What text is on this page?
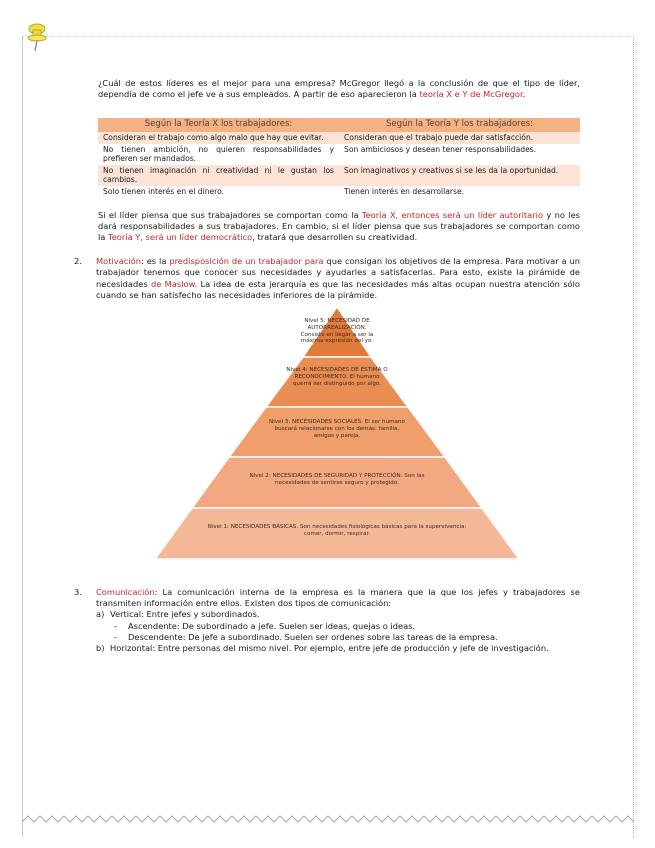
¿Cuál de estos líderes es el mejor para una empresa? McGregor llegó a la conclusión de que el tipo de líder, dependía de como el jefe ve a sus empleados. A partir de eso aparecieron la teoría X e Y de McGregor.

Según la Teoría X los trabajadores:	Según la Teoría Y los trabajadores:
Consideran el trabajo como algo malo que hay que evitar.	Consideran que el trabajo puede dar satisfacción.
No tienen ambición, no quieren responsabilidades y prefieren ser mandados.	Son ambiciosos y desean tener responsabilidades.
No tienen imaginación ni creatividad ni le gustan los cambios.	Son imaginativos y creativos si se les da la oportunidad.
Solo tienen interés en el dinero.	Tienen interés en desarrollarse.

Si el líder piensa que sus trabajadores se comportan como la Teoría X, entonces será un líder autoritario y no les dará responsabilidades a sus trabajadores. En cambio, si el líder piensa que sus trabajadores se comportan como la Teoría Y, será un líder democrático, tratará que desarrollen su creatividad.

2.	Motivación: es la predisposición de un trabajador para que consigan los objetivos de la empresa. Para motivar a un trabajador tenemos que conocer sus necesidades y ayudarles a satisfacerlas. Para esto, existe la pirámide de necesidades de Maslow. La idea de esta jerarquía es que las necesidades más altas ocupan nuestra atención sólo cuando se han satisfecho las necesidades inferiores de la pirámide.

Nivel 5: NECESIDAD DE AUTORREALIZACIÓN. Consiste en llegar a ser la máxima expresión del yo.
Nivel 4: NECESIDADES DE ESTIMA O RECONOCIMIENTO. El humano querrá ser distinguido por algo.
Nivel 3: NECESIDADES SOCIALES. El ser humano buscará relacionarse con los demás: familia, amigos y pareja.
Nivel 2: NECESIDADES DE SEGURIDAD Y PROTECCIÓN. Son las necesidades de sentirse seguro y protegido.
Nivel 1: NECESIDADES BÁSICAS. Son necesidades fisiológicas básicas para la supervivencia: comer, dormir, respirar.
3.	Comunicación: La comunicación interna de la empresa es la manera que la que los jefes y trabajadores se transmiten información entre ellos. Existen dos tipos de comunicación:

a) Vertical: Entre jefes y subordinados.
-	Ascendente: De subordinado a jefe. Suelen ser ideas, quejas o ideas.
-	Descendente: De jefe a subordinado. Suelen ser ordenes sobre las tareas de la empresa.
b) Horizontal: Entre personas del mismo nivel. Por ejemplo, entre jefe de producción y jefe de investigación.
